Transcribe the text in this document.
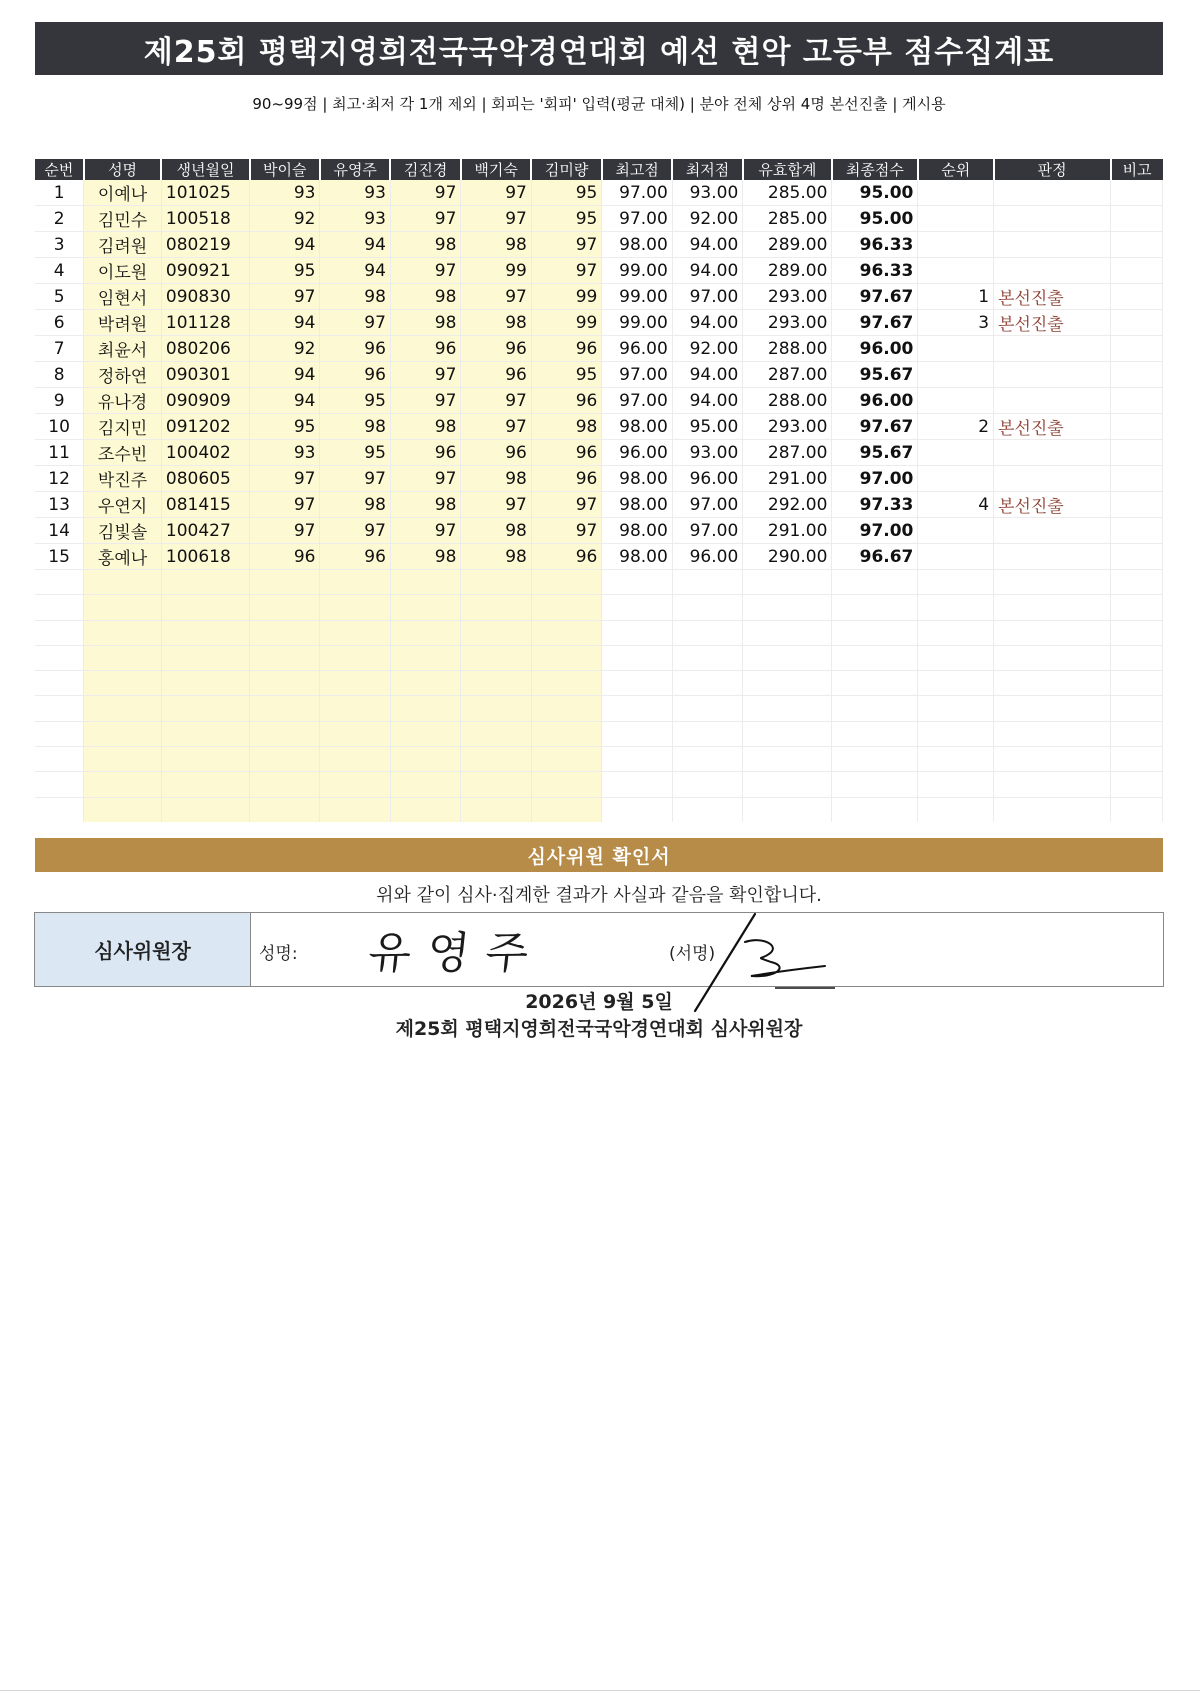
제25회 평택지영희전국국악경연대회 예선 현악 고등부 점수집계표
90~99점 | 최고·최저 각 1개 제외 | 회피는 '회피' 입력(평균 대체) | 분야 전체 상위 4명 본선진출 | 게시용
순번	성명	생년월일	박이슬	유영주	김진경	백기숙	김미량	최고점	최저점	유효합계	최종점수	순위	판정	비고
1	이예나	101025	93	93	97	97	95	97.00	93.00	285.00	95.00			
2	김민수	100518	92	93	97	97	95	97.00	92.00	285.00	95.00			
3	김려원	080219	94	94	98	98	97	98.00	94.00	289.00	96.33			
4	이도원	090921	95	94	97	99	97	99.00	94.00	289.00	96.33			
5	임현서	090830	97	98	98	97	99	99.00	97.00	293.00	97.67	1	본선진출	
6	박려원	101128	94	97	98	98	99	99.00	94.00	293.00	97.67	3	본선진출	
7	최윤서	080206	92	96	96	96	96	96.00	92.00	288.00	96.00			
8	정하연	090301	94	96	97	96	95	97.00	94.00	287.00	95.67			
9	유나경	090909	94	95	97	97	96	97.00	94.00	288.00	96.00			
10	김지민	091202	95	98	98	97	98	98.00	95.00	293.00	97.67	2	본선진출	
11	조수빈	100402	93	95	96	96	96	96.00	93.00	287.00	95.67			
12	박진주	080605	97	97	97	98	96	98.00	96.00	291.00	97.00			
13	우연지	081415	97	98	98	97	97	98.00	97.00	292.00	97.33	4	본선진출	
14	김빛솔	100427	97	97	97	98	97	98.00	97.00	291.00	97.00			
15	홍예나	100618	96	96	98	98	96	98.00	96.00	290.00	96.67			

심사위원 확인서
위와 같이 심사·집계한 결과가 사실과 같음을 확인합니다.
심사위원장	성명: 유영주	(서명)
2026년 9월 5일
제25회 평택지영희전국국악경연대회 심사위원장
